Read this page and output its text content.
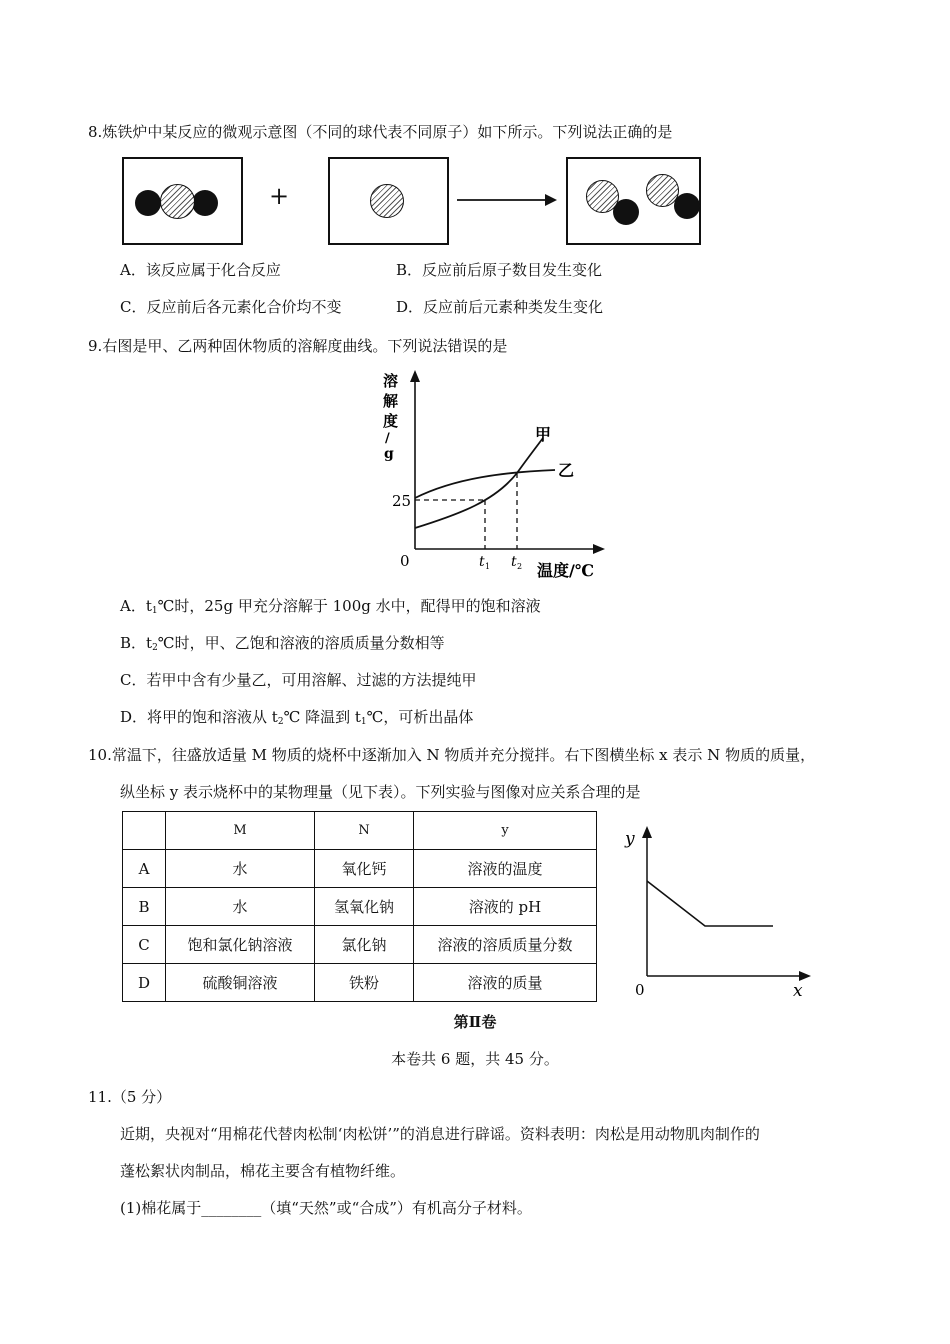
8.炼铁炉中某反应的微观示意图（不同的球代表不同原子）如下所示。下列说法正确的是
+
A．该反应属于化合反应	B．反应前后原子数目发生变化
C．反应前后各元素化合价均不变	D．反应前后元素种类发生变化
9.右图是甲、乙两种固休物质的溶解度曲线。下列说法错误的是
溶
解
度
/
g
25
0	t 1 t 2 温度/℃
甲
乙
A．$t_1℃$时，25g 甲充分溶解于 100g 水中，配得甲的饱和溶液
B．$t_2℃$时，甲、乙饱和溶液的溶质质量分数相等
C．若甲中含有少量乙，可用溶解、过滤的方法提纯甲
D．将甲的饱和溶液从 $t_2℃$ 降温到 $t_1℃$，可析出晶体
10.常温下，往盛放适量 M 物质的烧杯中逐渐加入 N 物质并充分搅拌。右下图横坐标 x 表示 N 物质的质量，
纵坐标 y 表示烧杯中的某物理量（见下表）。下列实验与图像对应关系合理的是
	M	N	y
A	水	氧化钙	溶液的温度
B	水	氢氧化钠	溶液的 pH
C	饱和氯化钠溶液	氯化钠	溶液的溶质质量分数
D	硫酸铜溶液	铁粉	溶液的质量
y
0	x
第Ⅱ卷
本卷共 6 题，共 45 分。
11.（5 分）
近期，央视对“用棉花代替肉松制‘肉松饼’”的消息进行辟谣。资料表明：肉松是用动物肌肉制作的
蓬松絮状肉制品，棉花主要含有植物纤维。
(1)棉花属于________（填“天然”或“合成”）有机高分子材料。
